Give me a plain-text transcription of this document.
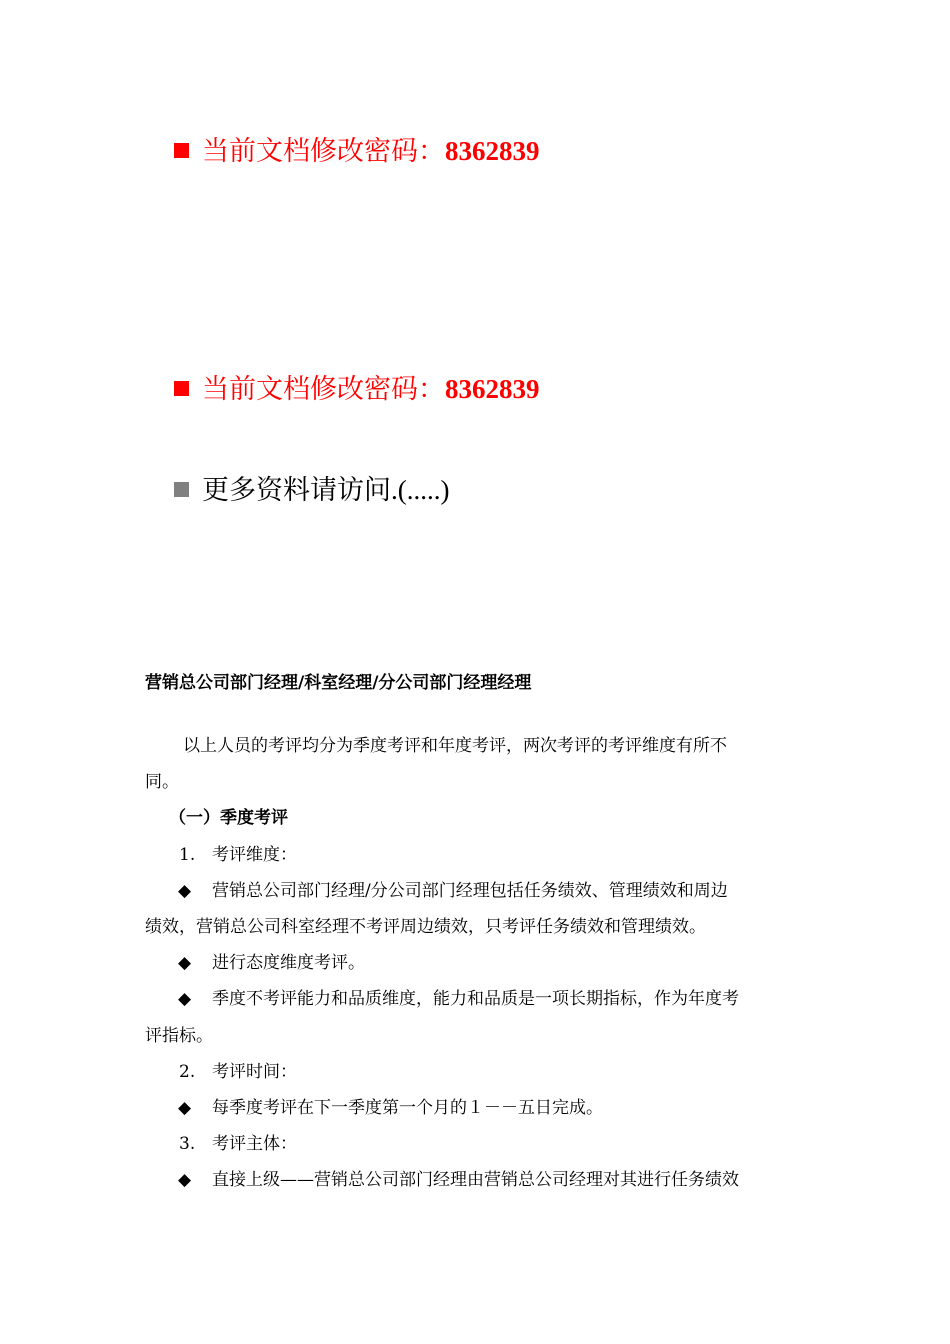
当前文档修改密码：8362839
当前文档修改密码：8362839
更多资料请访问.(.....)
营销总公司部门经理/科室经理/分公司部门经理经理
以上人员的考评均分为季度考评和年度考评，两次考评的考评维度有所不
同。
（一）季度考评
1. 考评维度：
◆ 营销总公司部门经理/分公司部门经理包括任务绩效、管理绩效和周边
绩效，营销总公司科室经理不考评周边绩效，只考评任务绩效和管理绩效。
◆ 进行态度维度考评。
◆ 季度不考评能力和品质维度，能力和品质是一项长期指标，作为年度考
评指标。
2. 考评时间：
◆ 每季度考评在下一季度第一个月的１－－五日完成。
3. 考评主体：
◆ 直接上级——营销总公司部门经理由营销总公司经理对其进行任务绩效
